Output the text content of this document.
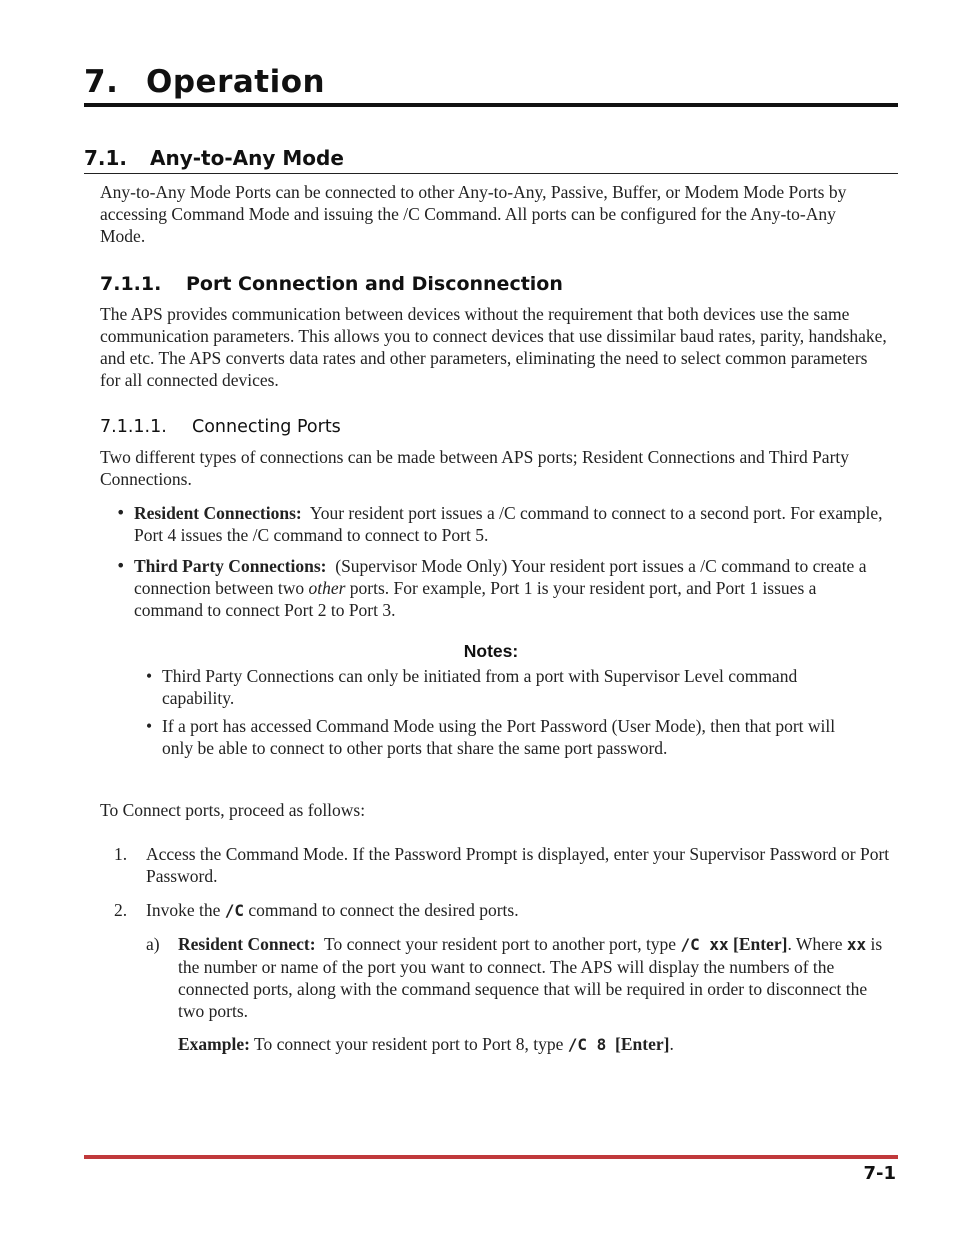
7. Operation
7.1. Any-to-Any Mode

Any-to-Any Mode Ports can be connected to other Any-to-Any, Passive, Buffer, or Modem Mode Ports by accessing Command Mode and issuing the /C Command. All ports can be configured for the Any-to-Any Mode.

7.1.1. Port Connection and Disconnection

The APS provides communication between devices without the requirement that both devices use the same communication parameters. This allows you to connect devices that use dissimilar baud rates, parity, handshake, and etc. The APS converts data rates and other parameters, eliminating the need to select common parameters for all connected devices.

7.1.1.1. Connecting Ports

Two different types of connections can be made between APS ports; Resident Connections and Third Party Connections.

• Resident Connections: Your resident port issues a /C command to connect to a second port. For example, Port 4 issues the /C command to connect to Port 5.

• Third Party Connections: (Supervisor Mode Only) Your resident port issues a /C command to create a connection between two other ports. For example, Port 1 is your resident port, and Port 1 issues a command to connect Port 2 to Port 3.

Notes:
• Third Party Connections can only be initiated from a port with Supervisor Level command capability.

• If a port has accessed Command Mode using the Port Password (User Mode), then that port will only be able to connect to other ports that share the same port password.

To Connect ports, proceed as follows:

1. Access the Command Mode. If the Password Prompt is displayed, enter your Supervisor Password or Port Password.

2. Invoke the /C command to connect the desired ports.

a) Resident Connect: To connect your resident port to another port, type /C xx [Enter]. Where xx is the number or name of the port you want to connect. The APS will display the numbers of the connected ports, along with the command sequence that will be required in order to disconnect the two ports.

Example: To connect your resident port to Port 8, type /C 8 [Enter].

7-1
